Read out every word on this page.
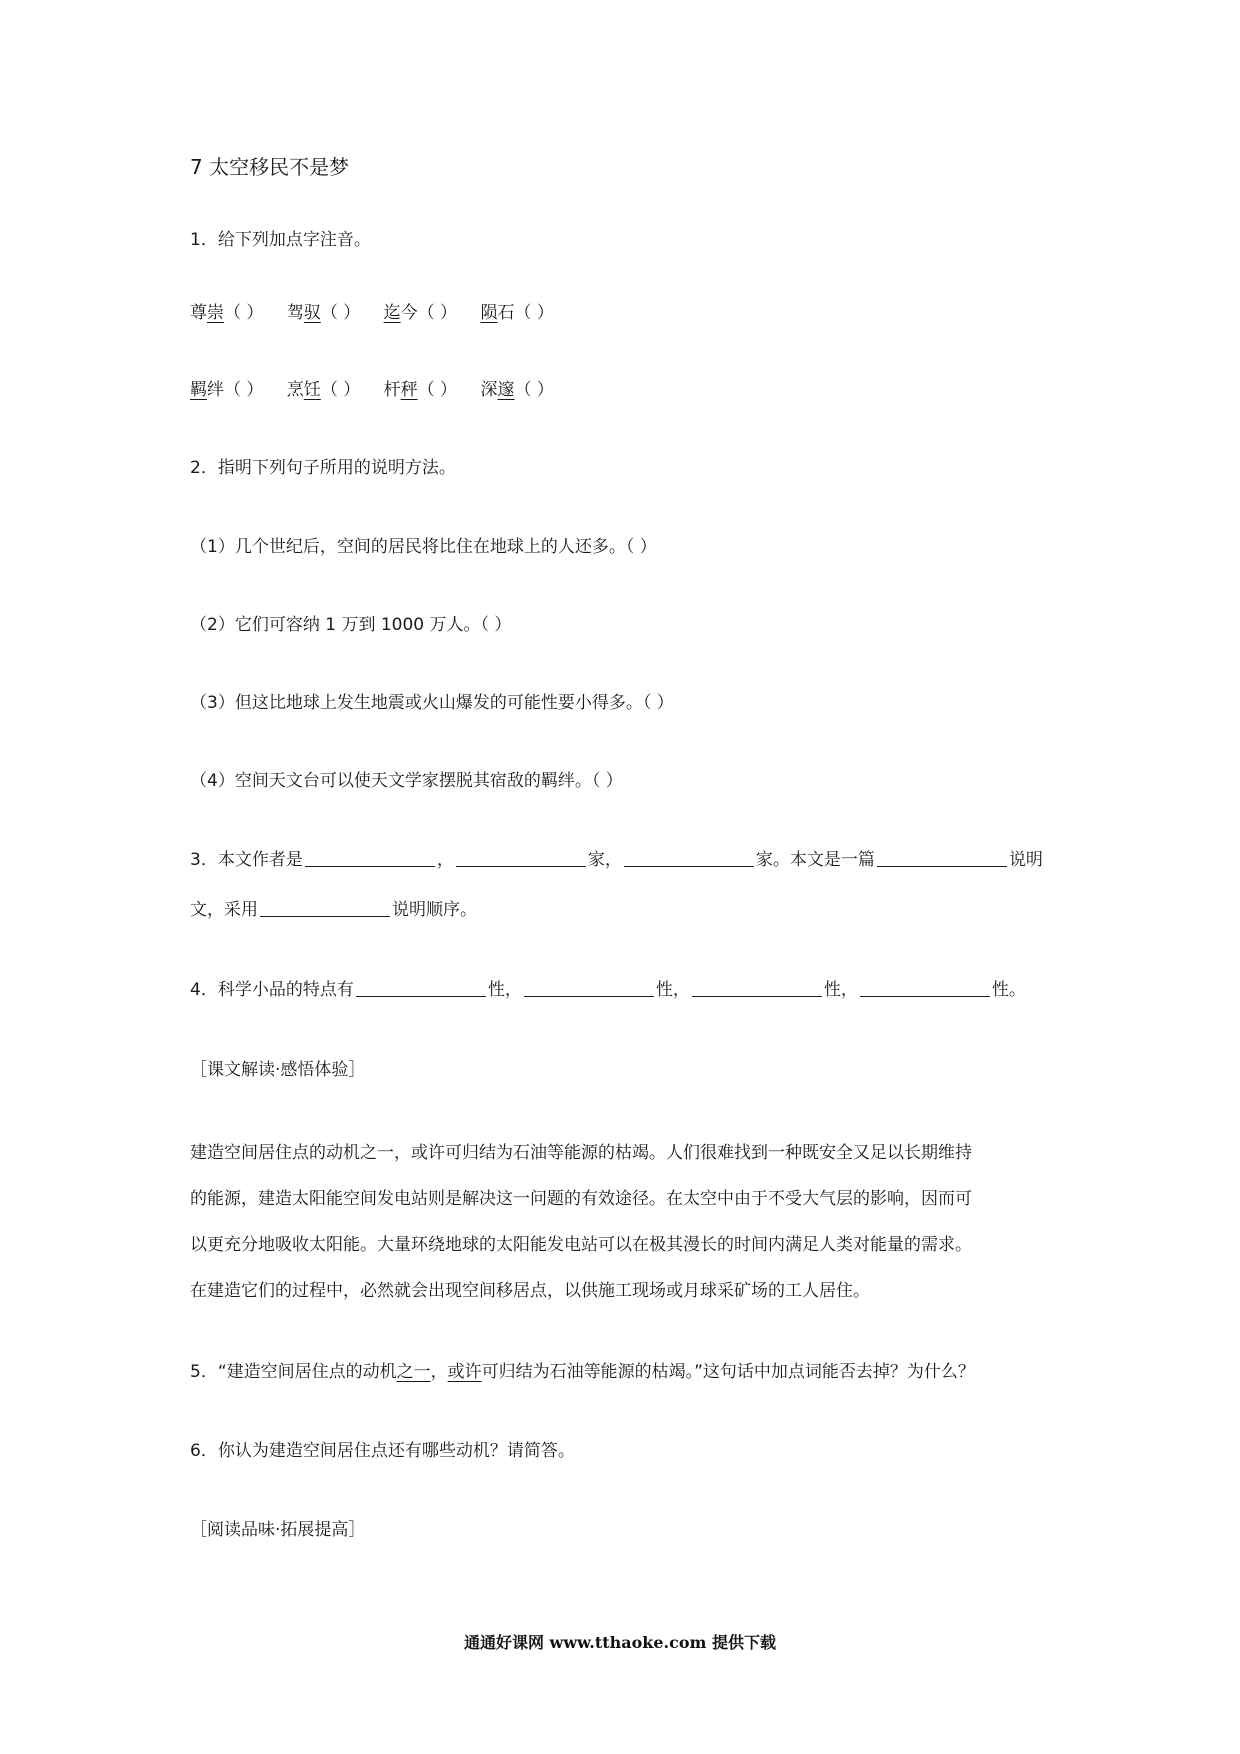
7 太空移民不是梦
1．给下列加点字注音。
尊崇（ ） 驾驭（ ） 迄今（ ） 陨石（ ）
羁绊（ ） 烹饪（ ） 杆秤（ ） 深邃（ ）
2．指明下列句子所用的说明方法。
（1）几个世纪后，空间的居民将比住在地球上的人还多。（ ）
（2）它们可容纳 1 万到 1000 万人。（ ）
（3）但这比地球上发生地震或火山爆发的可能性要小得多。（ ）
（4）空间天文台可以使天文学家摆脱其宿敌的羁绊。（ ）
3．本文作者是	，	家，	家。本文是一篇	说明
文，采用	说明顺序。
4．科学小品的特点有	性，	性，	性，	性。
［课文解读·感悟体验］
建造空间居住点的动机之一，或许可归结为石油等能源的枯竭。人们很难找到一种既安全又足以长期维持
的能源，建造太阳能空间发电站则是解决这一问题的有效途径。在太空中由于不受大气层的影响，因而可
以更充分地吸收太阳能。大量环绕地球的太阳能发电站可以在极其漫长的时间内满足人类对能量的需求。
在建造它们的过程中，必然就会出现空间移居点，以供施工现场或月球采矿场的工人居住。
5．“建造空间居住点的动机之一，或许可归结为石油等能源的枯竭。”这句话中加点词能否去掉？为什么？
6．你认为建造空间居住点还有哪些动机？请简答。
［阅读品味·拓展提高］
通通好课网 www.tthaoke.com 提供下载
